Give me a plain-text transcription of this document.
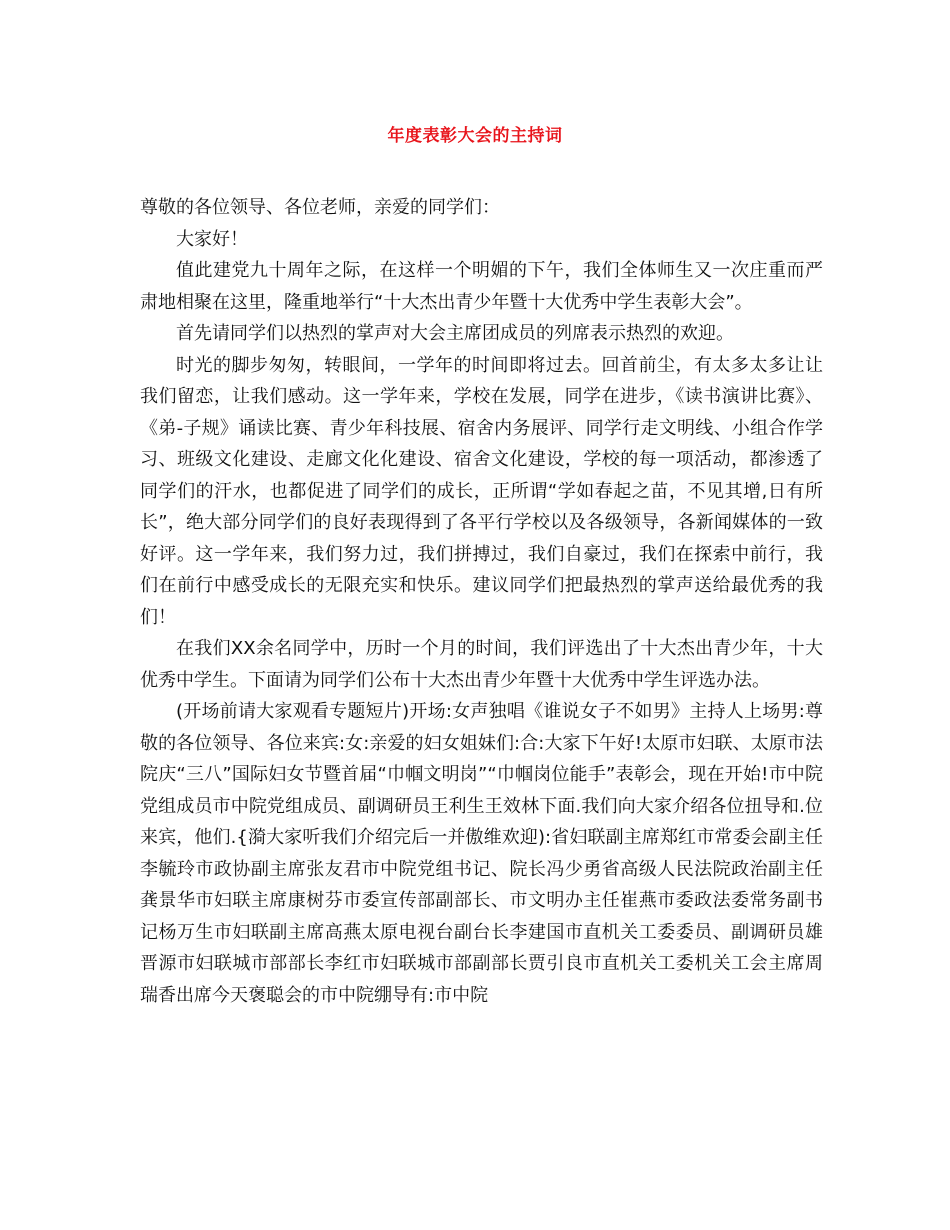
年度表彰大会的主持词

尊敬的各位领导、各位老师，亲爱的同学们：

大家好！

值此建党九十周年之际，在这样一个明媚的下午，我们全体师生又一次庄重而严肃地相聚在这里，隆重地举行“十大杰出青少年暨十大优秀中学生表彰大会”。

首先请同学们以热烈的掌声对大会主席团成员的列席表示热烈的欢迎。

时光的脚步匆匆，转眼间，一学年的时间即将过去。回首前尘，有太多太多让让我们留恋，让我们感动。这一学年来，学校在发展，同学在进步，《读书演讲比赛》、《弟-子规》诵读比赛、青少年科技展、宿舍内务展评、同学行走文明线、小组合作学习、班级文化建设、走廊文化化建设、宿舍文化建设，学校的每一项活动，都渗透了同学们的汗水，也都促进了同学们的成长，正所谓“学如春起之苗，不见其增,日有所长”，绝大部分同学们的良好表现得到了各平行学校以及各级领导，各新闻媒体的一致好评。这一学年来，我们努力过，我们拼搏过，我们自豪过，我们在探索中前行，我们在前行中感受成长的无限充实和快乐。建议同学们把最热烈的掌声送给最优秀的我们！

在我们XX余名同学中，历时一个月的时间，我们评选出了十大杰出青少年，十大优秀中学生。下面请为同学们公布十大杰出青少年暨十大优秀中学生评选办法。

(开场前请大家观看专题短片)开场:女声独唱《谁说女子不如男》主持人上场男:尊敬的各位领导、各位来宾:女:亲爱的妇女姐妹们:合:大家下午好!太原市妇联、太原市法院庆“三八”国际妇女节暨首届“巾帼文明岗”“巾帼岗位能手”表彰会，现在开始!市中院党组成员市中院党组成员、副调研员王利生王效林下面.我们向大家介绍各位扭导和.位来宾，他们.{漪大家听我们介绍完后一并傲维欢迎):省妇联副主席郑红市常委会副主任李毓玲市政协副主席张友君市中院党组书记、院长冯少勇省高级人民法院政治副主任龚景华市妇联主席康树芬市委宣传部副部长、市文明办主任崔燕市委政法委常务副书记杨万生市妇联副主席高燕太原电视台副台长李建国市直机关工委委员、副调研员雄晋源市妇联城市部部长李红市妇联城市部副部长贾引良市直机关工委机关工会主席周瑞香出席今天褒聪会的市中院绷导有:市中院
